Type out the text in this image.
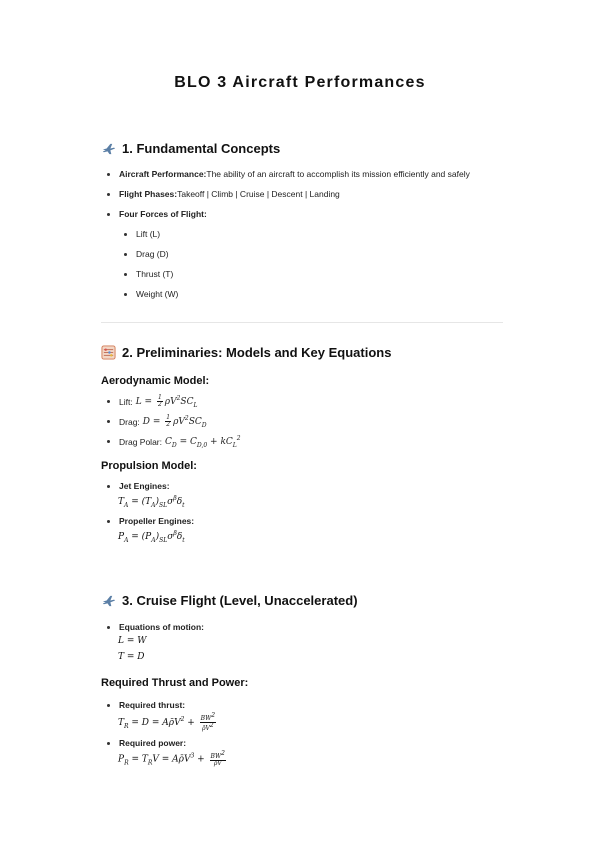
BLO 3 Aircraft Performances
1. Fundamental Concepts
Aircraft Performance: The ability of an aircraft to accomplish its mission efficiently and safely
Flight Phases: Takeoff | Climb | Cruise | Descent | Landing
Four Forces of Flight:
Lift (L)
Drag (D)
Thrust (T)
Weight (W)
2. Preliminaries: Models and Key Equations
Aerodynamic Model:
Lift: $L = \frac{1}{2} \rho V^2SC_L$
Drag: $D = \frac{1}{2} \rho V^2SC_D$
Drag Polar: $C_D = C_{D,0} + kC_L^2$
Propulsion Model:
Jet Engines:
$T_A = (T_A)_{SL}\sigma^\beta\delta_t$
Propeller Engines:
$P_A = (P_A)_{SL}\sigma^\beta\delta_t$
3. Cruise Flight (Level, Unaccelerated)
Equations of motion:
L = W
T = D
Required Thrust and Power:
Required thrust:
$T_R = D$ = $A\rhōV^2 + \frac{BW^2}{\rhōV^2}$
Required power:
$P_R = T_RV$ = $A\rhōV^3 + \frac{BW^2}{\rhōV}$
